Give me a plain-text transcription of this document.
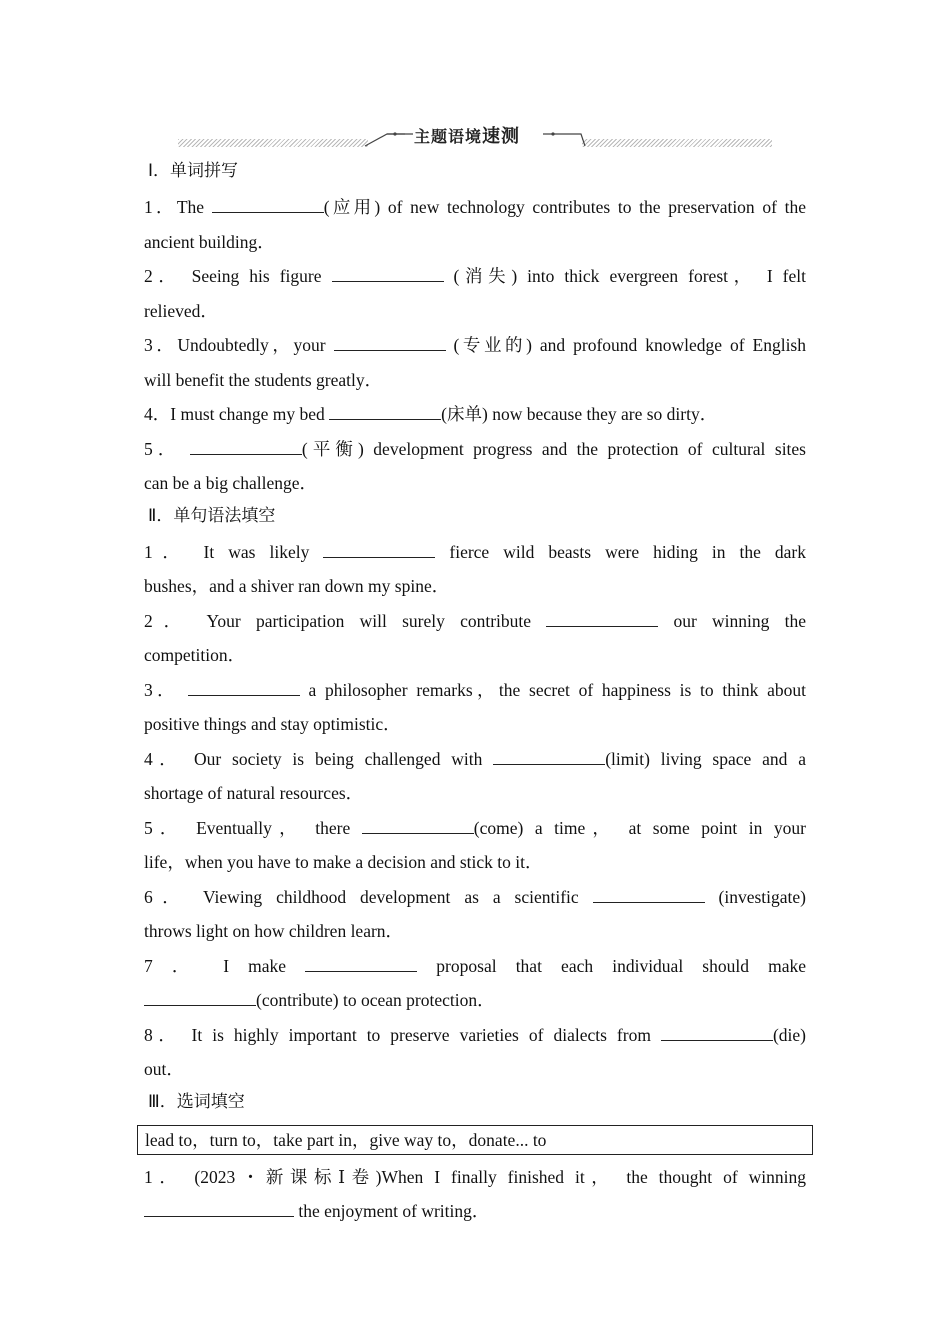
主题语境速测
Ⅰ．单词拼写
1．The	(应用) of new technology contributes to the preservation of the
ancient building．
2． Seeing his figure	(消失) into thick evergreen forest， I felt
relieved．
3．Undoubtedly，your	(专业的) and profound knowledge of English
will benefit the students greatly．
4．I must change my bed	(床单) now because they are so dirty．
5．	(平衡) development progress and the protection of cultural sites
can be a big challenge．
Ⅱ．单句语法填空
1． It was likely	fierce wild beasts were hiding in the dark
bushes，and a shiver ran down my spine．
2． Your participation will surely contribute	our winning the
competition．
3．	a philosopher remarks，the secret of happiness is to think about
positive things and stay optimistic．
4． Our society is being challenged with	(limit) living space and a
shortage of natural resources．
5． Eventually， there	(come) a time， at some point in your
life，when you have to make a decision and stick to it．
6． Viewing childhood development as a scientific	(investigate)
throws light on how children learn．
7 ． I make	proposal that each individual should make
(contribute) to ocean protection．
8． It is highly important to preserve varieties of dialects from	(die)
out．
Ⅲ．选词填空
lead to，turn to，take part in，give way to，donate... to
1． (2023・新课标Ⅰ卷)When I finally finished it， the thought of winning
the enjoyment of writing．
